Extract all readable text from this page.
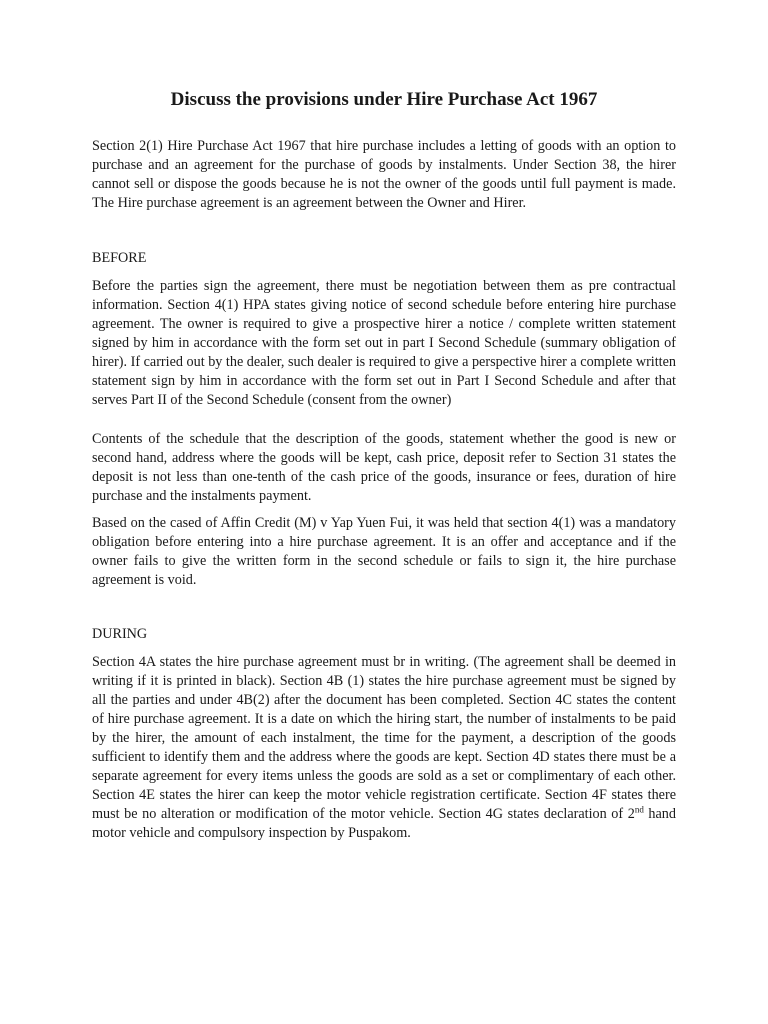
Discuss the provisions under Hire Purchase Act 1967

Section 2(1) Hire Purchase Act 1967 that hire purchase includes a letting of goods with an option to purchase and an agreement for the purchase of goods by instalments. Under Section 38, the hirer cannot sell or dispose the goods because he is not the owner of the goods until full payment is made. The Hire purchase agreement is an agreement between the Owner and Hirer.

BEFORE

Before the parties sign the agreement, there must be negotiation between them as pre contractual information. Section 4(1) HPA states giving notice of second schedule before entering hire purchase agreement. The owner is required to give a prospective hirer a notice / complete written statement signed by him in accordance with the form set out in part I Second Schedule (summary obligation of hirer). If carried out by the dealer, such dealer is required to give a perspective hirer a complete written statement sign by him in accordance with the form set out in Part I Second Schedule and after that serves Part II of the Second Schedule (consent from the owner)

Contents of the schedule that the description of the goods, statement whether the good is new or second hand, address where the goods will be kept, cash price, deposit refer to Section 31 states the deposit is not less than one-tenth of the cash price of the goods, insurance or fees, duration of hire purchase and the instalments payment.

Based on the cased of Affin Credit (M) v Yap Yuen Fui, it was held that section 4(1) was a mandatory obligation before entering into a hire purchase agreement. It is an offer and acceptance and if the owner fails to give the written form in the second schedule or fails to sign it, the hire purchase agreement is void.

DURING

Section 4A states the hire purchase agreement must br in writing. (The agreement shall be deemed in writing if it is printed in black). Section 4B (1) states the hire purchase agreement must be signed by all the parties and under 4B(2) after the document has been completed. Section 4C states the content of hire purchase agreement. It is a date on which the hiring start, the number of instalments to be paid by the hirer, the amount of each instalment, the time for the payment, a description of the goods sufficient to identify them and the address where the goods are kept. Section 4D states there must be a separate agreement for every items unless the goods are sold as a set or complimentary of each other. Section 4E states the hirer can keep the motor vehicle registration certificate. Section 4F states there must be no alteration or modification of the motor vehicle. Section 4G states declaration of 2nd hand motor vehicle and compulsory inspection by Puspakom.
